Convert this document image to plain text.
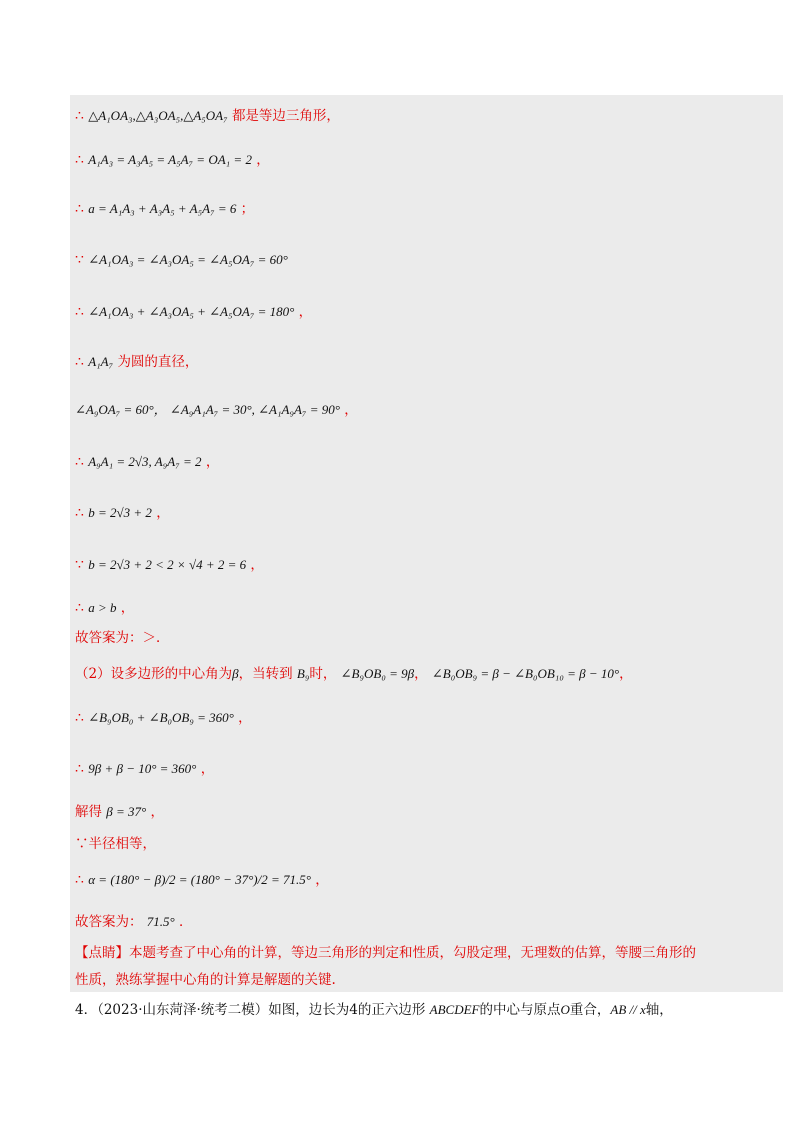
∴ △A₁OA₃,△A₃OA₅,△A₅OA₇ 都是等边三角形，
∴ A₁A₃ = A₃A₅ = A₅A₇ = OA₁ = 2 ，
∴ a = A₁A₃ + A₃A₅ + A₅A₇ = 6 ；
∵ ∠A₁OA₃ = ∠A₃OA₅ = ∠A₅OA₇ = 60°
∴ ∠A₁OA₃ + ∠A₃OA₅ + ∠A₅OA₇ = 180° ，
∴ A₁A₇ 为圆的直径，
∠A₉OA₇ = 60°， ∠A₉A₁A₇ = 30°, ∠A₁A₉A₇ = 90° ，
∴ A₉A₁ = 2√3, A₉A₇ = 2 ，
∴ b = 2√3 + 2 ，
∵ b = 2√3 + 2 < 2 × √4 + 2 = 6 ，
∴ a > b ，
故答案为：＞．
（2）设多边形的中心角为β，当转到 B₉时， ∠B₉OB₀ = 9β， ∠B₀OB₉ = β − ∠B₀OB₁₀ = β − 10°，
∴ ∠B₉OB₀ + ∠B₀OB₉ = 360° ，
∴ 9β + β − 10° = 360° ，
解得 β = 37° ，
∵半径相等，
∴ α = (180° − β)/2 = (180° − 37°)/2 = 71.5° ，
故答案为： 71.5° ．
【点睛】本题考查了中心角的计算，等边三角形的判定和性质，勾股定理，无理数的估算，等腰三角形的
性质，熟练掌握中心角的计算是解题的关键.
4．（2023·山东菏泽·统考二模）如图，边长为4的正六边形 ABCDEF的中心与原点O重合，AB // x轴，
